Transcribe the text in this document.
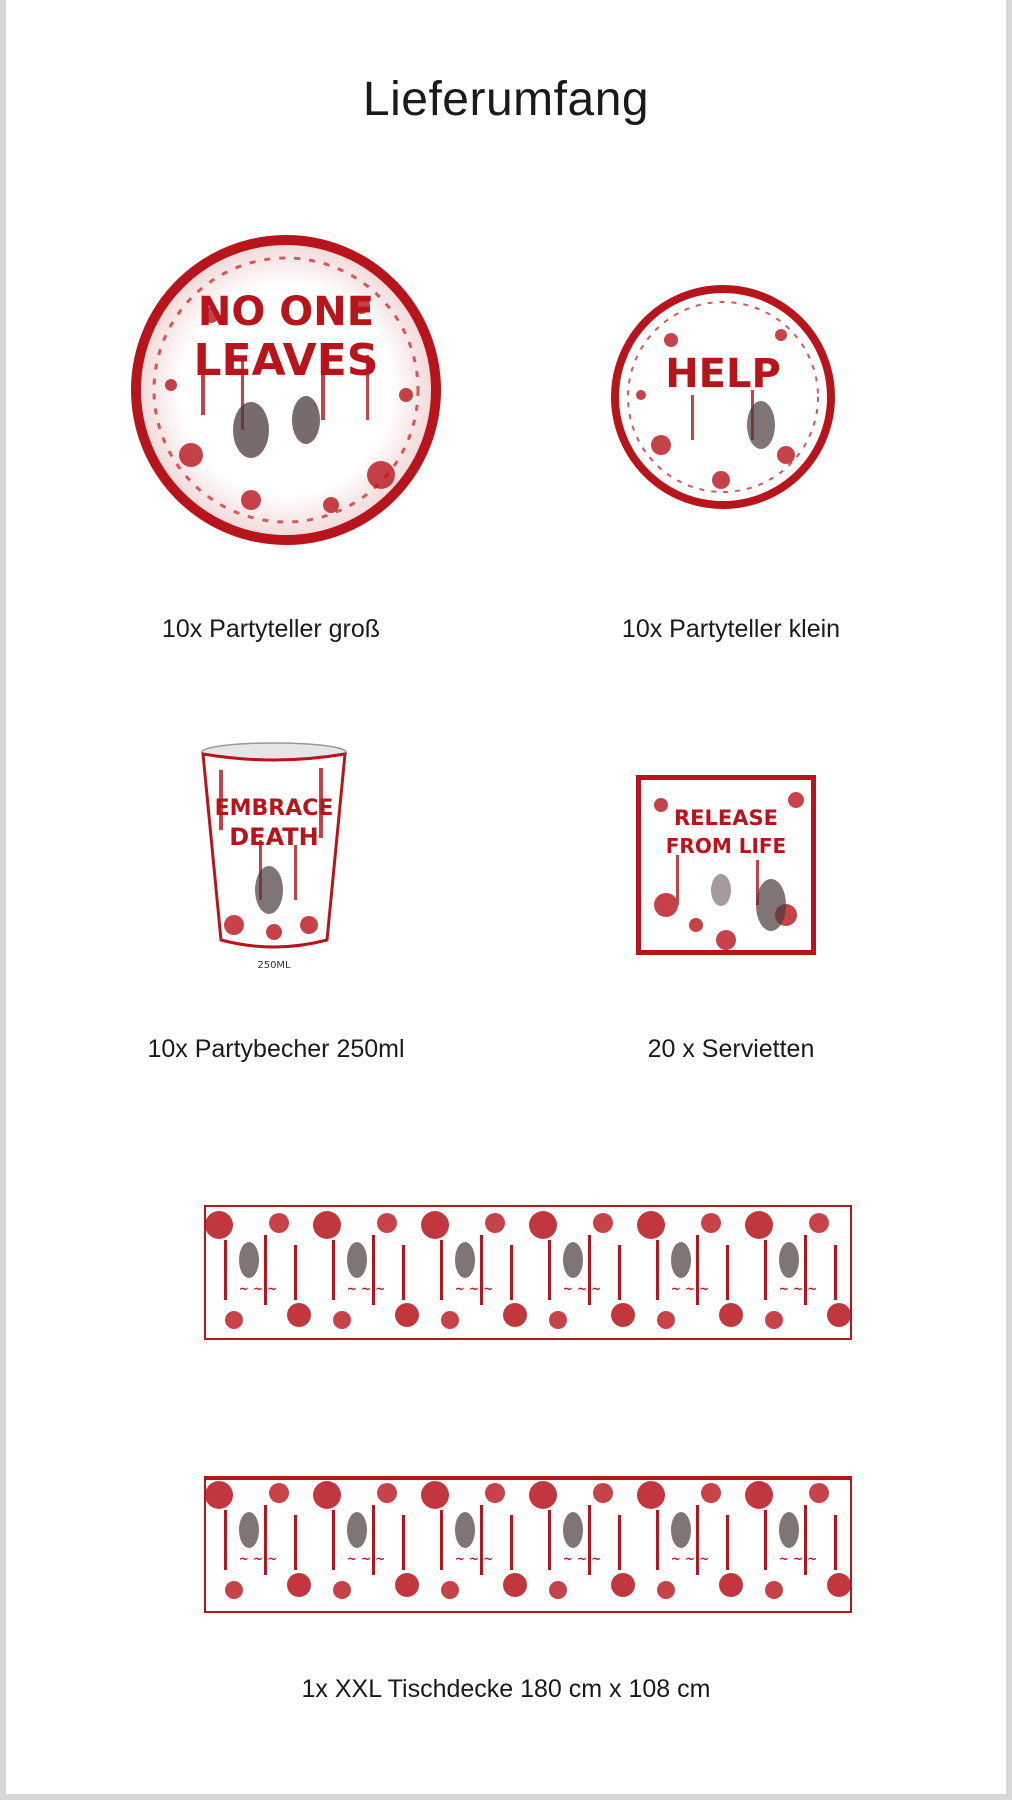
Lieferumfang
NO ONE
LEAVES
10x Partyteller groß
HELP
10x Partyteller klein
EMBRACE
DEATH
250ML
10x Partybecher 250ml
RELEASE
FROM LIFE
20 x Servietten
1x XXL Tischdecke 180 cm x 108 cm
